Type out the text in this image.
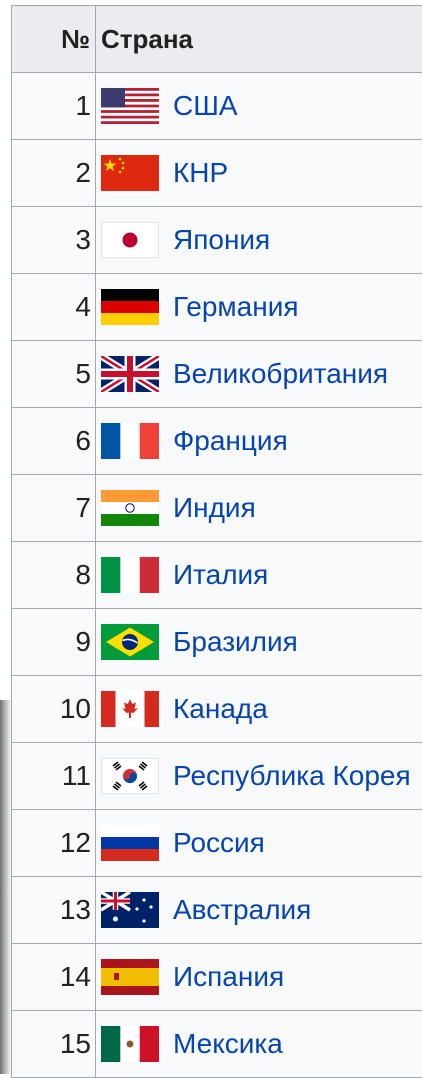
№	Страна
1	США

2	КНР

3	Япония

4	Германия

5	Великобритания

6	Франция

7	Индия

8	Италия

9	Бразилия

10	Канада

11	Республика Корея

12	Россия

13	Австралия

14	Испания

15	Мексика
